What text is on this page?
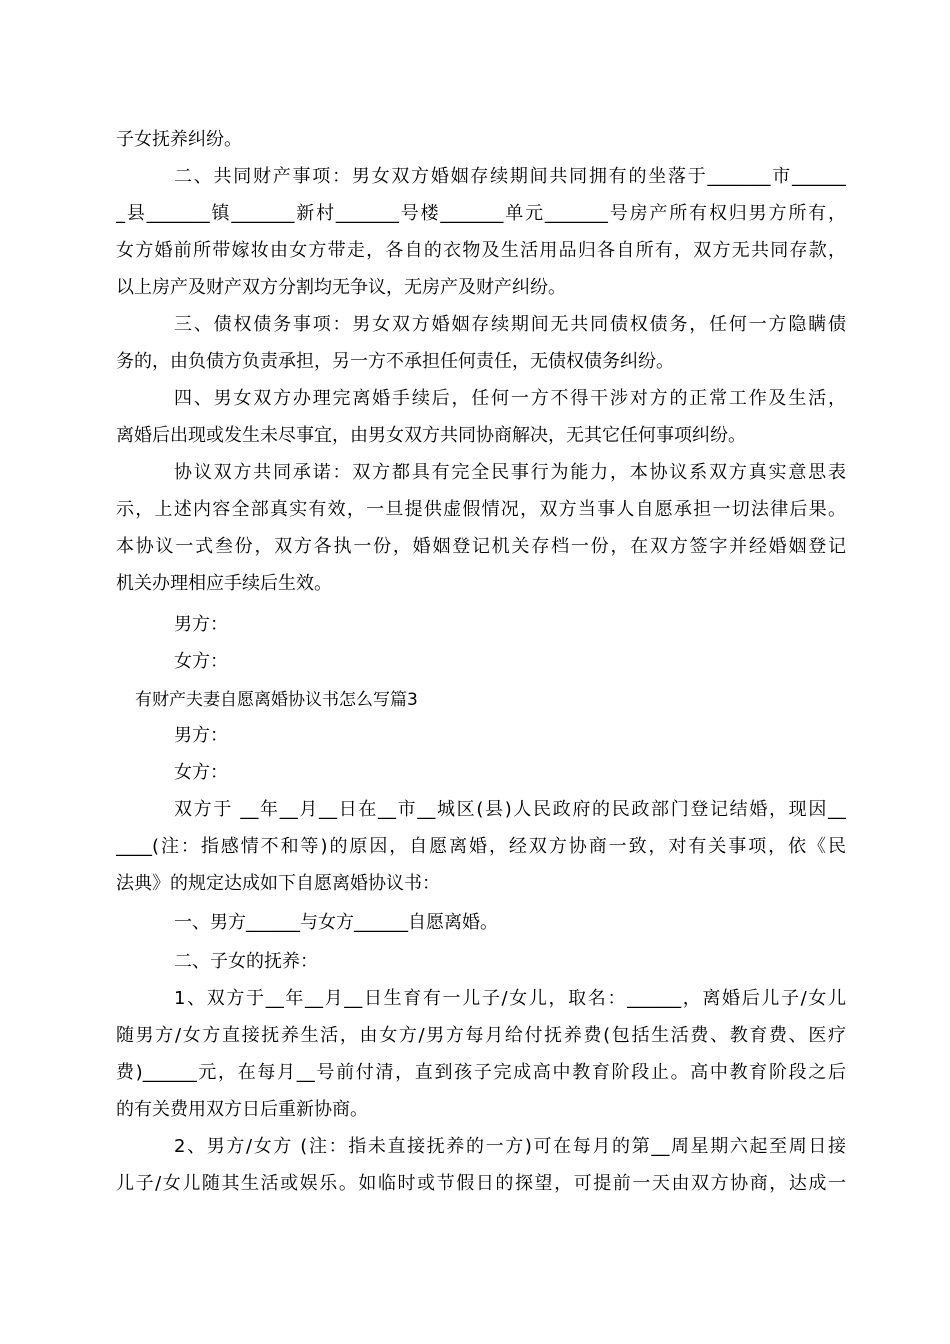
子女抚养纠纷。
二、共同财产事项：男女双方婚姻存续期间共同拥有的坐落于_______市______
_县_______镇_______新村_______号楼_______单元_______号房产所有权归男方所有，
女方婚前所带嫁妆由女方带走，各自的衣物及生活用品归各自所有，双方无共同存款，
以上房产及财产双方分割均无争议，无房产及财产纠纷。
三、债权债务事项：男女双方婚姻存续期间无共同债权债务，任何一方隐瞒债
务的，由负债方负责承担，另一方不承担任何责任，无债权债务纠纷。
四、男女双方办理完离婚手续后，任何一方不得干涉对方的正常工作及生活，
离婚后出现或发生未尽事宜，由男女双方共同协商解决，无其它任何事项纠纷。
协议双方共同承诺：双方都具有完全民事行为能力，本协议系双方真实意思表
示，上述内容全部真实有效，一旦提供虚假情况，双方当事人自愿承担一切法律后果。
本协议一式叁份，双方各执一份，婚姻登记机关存档一份，在双方签字并经婚姻登记
机关办理相应手续后生效。
男方：
女方：
有财产夫妻自愿离婚协议书怎么写篇3
男方：
女方：
双方于 __年__月__日在__市__城区(县)人民政府的民政部门登记结婚，现因__
____(注：指感情不和等)的原因，自愿离婚，经双方协商一致，对有关事项，依《民
法典》的规定达成如下自愿离婚协议书：
一、男方______与女方______自愿离婚。
二、子女的抚养：
1、双方于__年__月__日生育有一儿子/女儿，取名：______，离婚后儿子/女儿
随男方/女方直接抚养生活，由女方/男方每月给付抚养费(包括生活费、教育费、医疗
费)______元，在每月__号前付清，直到孩子完成高中教育阶段止。高中教育阶段之后
的有关费用双方日后重新协商。
2、男方/女方 (注：指未直接抚养的一方)可在每月的第__周星期六起至周日接
儿子/女儿随其生活或娱乐。如临时或节假日的探望，可提前一天由双方协商，达成一
